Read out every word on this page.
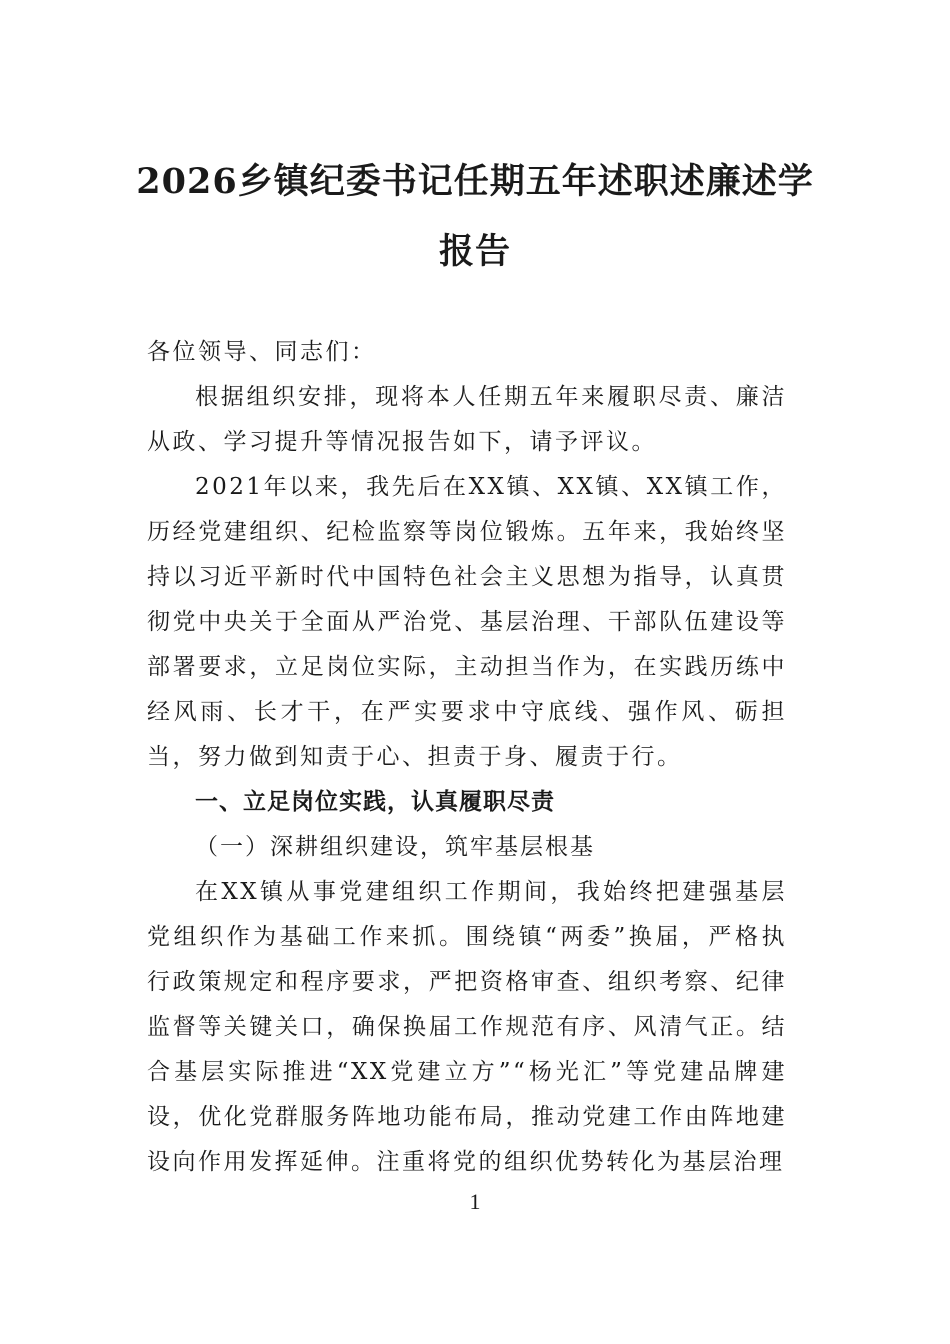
2026乡镇纪委书记任期五年述职述廉述学
报告

各位领导、同志们：

根据组织安排，现将本人任期五年来履职尽责、廉洁从政、学习提升等情况报告如下，请予评议。

2021年以来，我先后在XX镇、XX镇、XX镇工作，历经党建组织、纪检监察等岗位锻炼。五年来，我始终坚持以习近平新时代中国特色社会主义思想为指导，认真贯彻党中央关于全面从严治党、基层治理、干部队伍建设等部署要求，立足岗位实际，主动担当作为，在实践历练中经风雨、长才干，在严实要求中守底线、强作风、砺担当，努力做到知责于心、担责于身、履责于行。

一、立足岗位实践，认真履职尽责

（一）深耕组织建设，筑牢基层根基

在XX镇从事党建组织工作期间，我始终把建强基层党组织作为基础工作来抓。围绕镇“两委”换届，严格执行政策规定和程序要求，严把资格审查、组织考察、纪律监督等关键关口，确保换届工作规范有序、风清气正。结合基层实际推进“XX党建立方”“杨光汇”等党建品牌建设，优化党群服务阵地功能布局，推动党建工作由阵地建设向作用发挥延伸。注重将党的组织优势转化为基层治理

1
